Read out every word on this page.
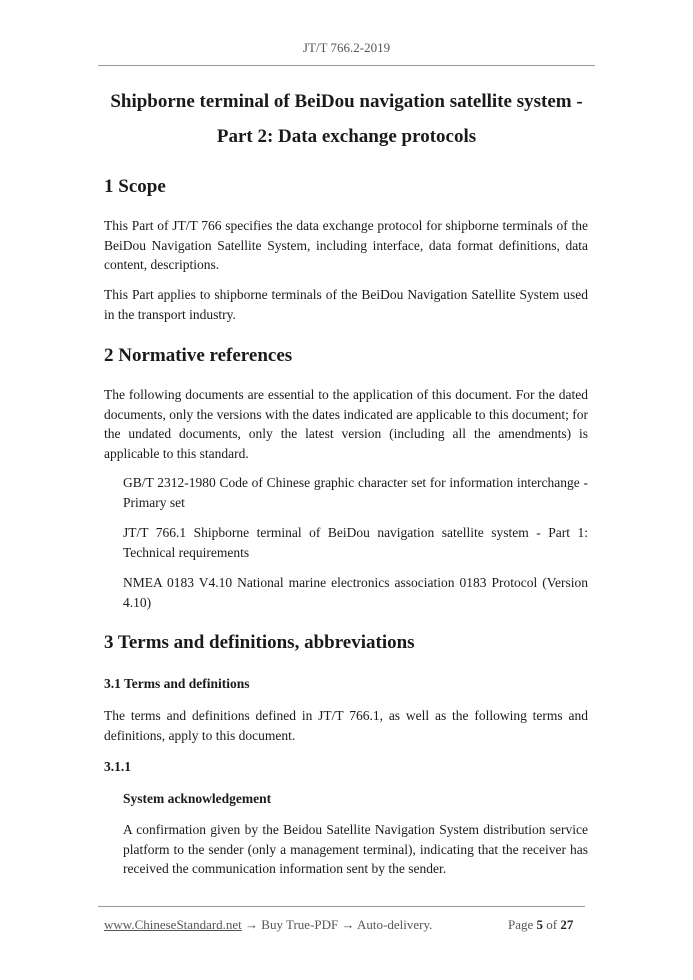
JT/T 766.2-2019
Shipborne terminal of BeiDou navigation satellite system -
Part 2: Data exchange protocols
1 Scope

This Part of JT/T 766 specifies the data exchange protocol for shipborne terminals of the BeiDou Navigation Satellite System, including interface, data format definitions, data content, descriptions.

This Part applies to shipborne terminals of the BeiDou Navigation Satellite System used in the transport industry.

2 Normative references

The following documents are essential to the application of this document. For the dated documents, only the versions with the dates indicated are applicable to this document; for the undated documents, only the latest version (including all the amendments) is applicable to this standard.

GB/T 2312-1980 Code of Chinese graphic character set for information interchange - Primary set

JT/T 766.1 Shipborne terminal of BeiDou navigation satellite system - Part 1: Technical requirements

NMEA 0183 V4.10 National marine electronics association 0183 Protocol (Version 4.10)

3 Terms and definitions, abbreviations
3.1 Terms and definitions

The terms and definitions defined in JT/T 766.1, as well as the following terms and definitions, apply to this document.

3.1.1
System acknowledgement

A confirmation given by the Beidou Satellite Navigation System distribution service platform to the sender (only a management terminal), indicating that the receiver has received the communication information sent by the sender.

www.ChineseStandard.net → Buy True-PDF → Auto-delivery.	Page 5 of 27
